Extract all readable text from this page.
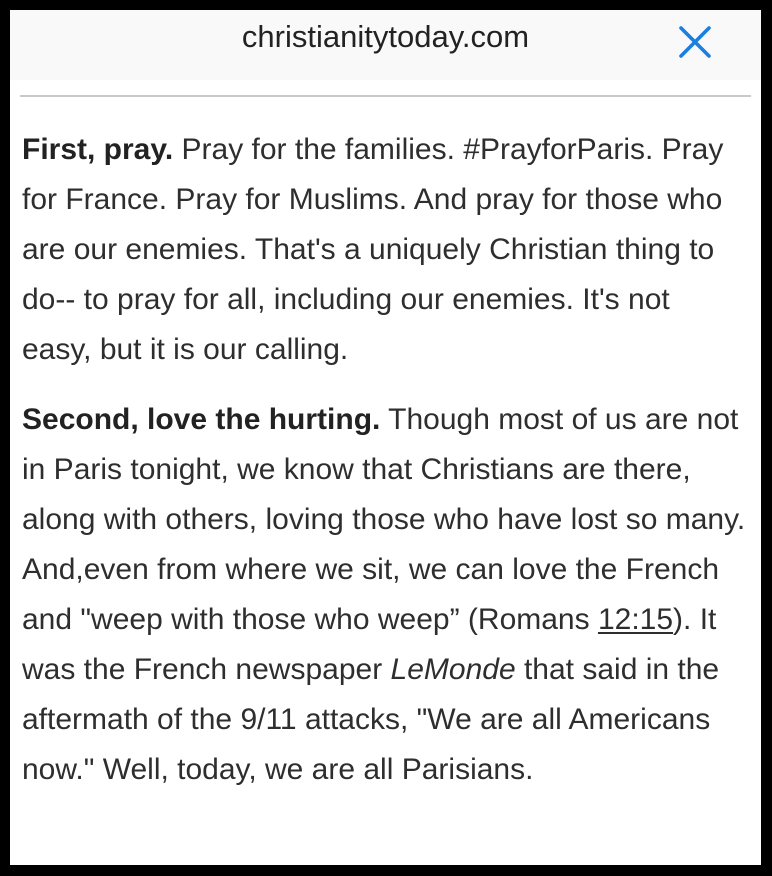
christianitytoday.com

First, pray. Pray for the families. #PrayforParis. Pray for France. Pray for Muslims. And pray for those who are our enemies. That's a uniquely Christian thing to do-- to pray for all, including our enemies. It's not easy, but it is our calling.

Second, love the hurting. Though most of us are not in Paris tonight, we know that Christians are there, along with others, loving those who have lost so many. And,even from where we sit, we can love the French and "weep with those who weep” (Romans 12:15). It was the French newspaper LeMonde that said in the aftermath of the 9/11 attacks, "We are all Americans now." Well, today, we are all Parisians.
